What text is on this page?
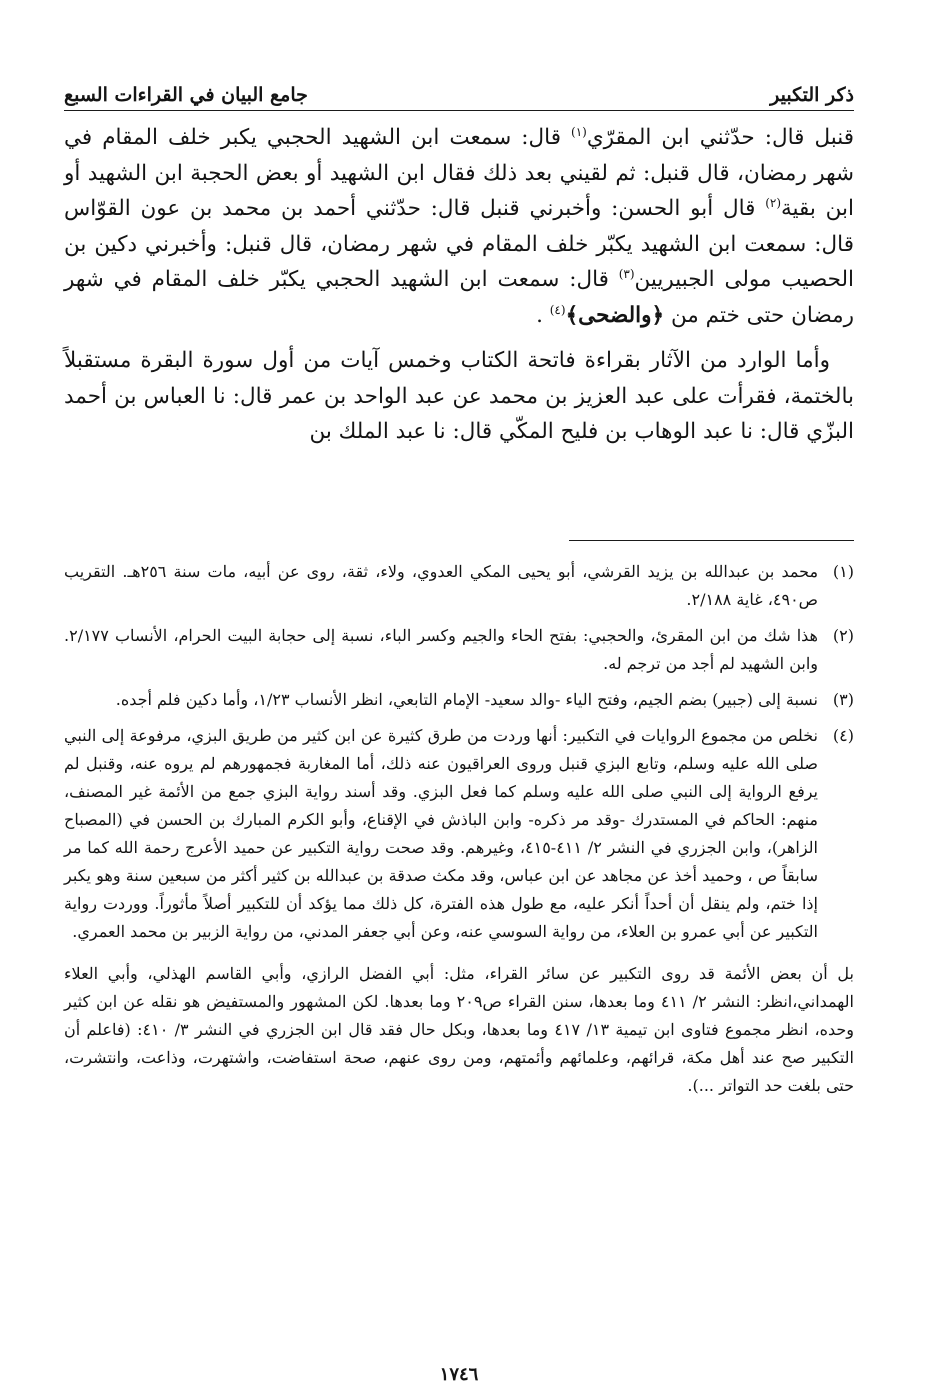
ذكر التكبير
جامع البيان في القراءات السبع

قنبل قال: حدّثني ابن المقرّي$^{(١)}$ قال: سمعت ابن الشهيد الحجبي يكبر خلف المقام في شهر رمضان، قال قنبل: ثم لقيني بعد ذلك فقال ابن الشهيد أو بعض الحجبة ابن الشهيد أو ابن بقية$^{(٢)}$ قال أبو الحسن: وأخبرني قنبل قال: حدّثني أحمد بن محمد بن عون القوّاس قال: سمعت ابن الشهيد يكبّر خلف المقام في شهر رمضان، قال قنبل: وأخبرني دكين بن الحصيب مولى الجبيريين$^{(٣)}$ قال: سمعت ابن الشهيد الحجبي يكبّر خلف المقام في شهر رمضان حتى ختم من ﴿والضحى﴾$^{(٤)}$ .

وأما الوارد من الآثار بقراءة فاتحة الكتاب وخمس آيات من أول سورة البقرة مستقبلاً بالختمة، فقرأت على عبد العزيز بن محمد عن عبد الواحد بن عمر قال: نا العباس بن أحمد البزّي قال: نا عبد الوهاب بن فليح المكّي قال: نا عبد الملك بن

(١)
محمد بن عبدالله بن يزيد القرشي، أبو يحيى المكي العدوي، ولاء، ثقة، روى عن أبيه، مات سنة ٢٥٦هـ. التقريب ص٤٩٠، غاية ٢/١٨٨.
(٢)
هذا شك من ابن المقرئ، والحجبي: بفتح الحاء والجيم وكسر الباء، نسبة إلى حجابة البيت الحرام، الأنساب ٢/١٧٧. وابن الشهيد لم أجد من ترجم له.
(٣)
نسبة إلى (جبير) بضم الجيم، وفتح الياء -والد سعيد- الإمام التابعي، انظر الأنساب ١/٢٣، وأما دكين فلم أجده.
(٤)
نخلص من مجموع الروايات في التكبير: أنها وردت من طرق كثيرة عن ابن كثير من طريق البزي، مرفوعة إلى النبي صلى الله عليه وسلم، وتابع البزي قنبل وروى العراقيون عنه ذلك، أما المغاربة فجمهورهم لم يروه عنه، وقنبل لم يرفع الرواية إلى النبي صلى الله عليه وسلم كما فعل البزي. وقد أسند رواية البزي جمع من الأئمة غير المصنف، منهم: الحاكم في المستدرك -وقد مر ذكره- وابن الباذش في الإقناع، وأبو الكرم المبارك بن الحسن في (المصباح الزاهر)، وابن الجزري في النشر ٢/ ٤١١-٤١٥، وغيرهم. وقد صحت رواية التكبير عن حميد الأعرج رحمة الله كما مر سابقاً ص ، وحميد أخذ عن مجاهد عن ابن عباس، وقد مكث صدقة بن عبدالله بن كثير أكثر من سبعين سنة وهو يكبر إذا ختم، ولم ينقل أن أحداً أنكر عليه، مع طول هذه الفترة، كل ذلك مما يؤكد أن للتكبير أصلاً مأثوراً. ووردت رواية التكبير عن أبي عمرو بن العلاء، من رواية السوسي عنه، وعن أبي جعفر المدني، من رواية الزبير بن محمد العمري.
بل أن بعض الأئمة قد روى التكبير عن سائر القراء، مثل: أبي الفضل الرازي، وأبي القاسم الهذلي، وأبي العلاء الهمداني،انظر: النشر ٢/ ٤١١ وما بعدها، سنن القراء ص٢٠٩ وما بعدها. لكن المشهور والمستفيض هو نقله عن ابن كثير وحده، انظر مجموع فتاوى ابن تيمية ١٣/ ٤١٧ وما بعدها، وبكل حال فقد قال ابن الجزري في النشر ٣/ ٤١٠: (فاعلم أن التكبير صح عند أهل مكة، قرائهم، وعلمائهم وأئمتهم، ومن روى عنهم، صحة استفاضت، واشتهرت، وذاعت، وانتشرت، حتى بلغت حد التواتر ...).
١٧٤٦
